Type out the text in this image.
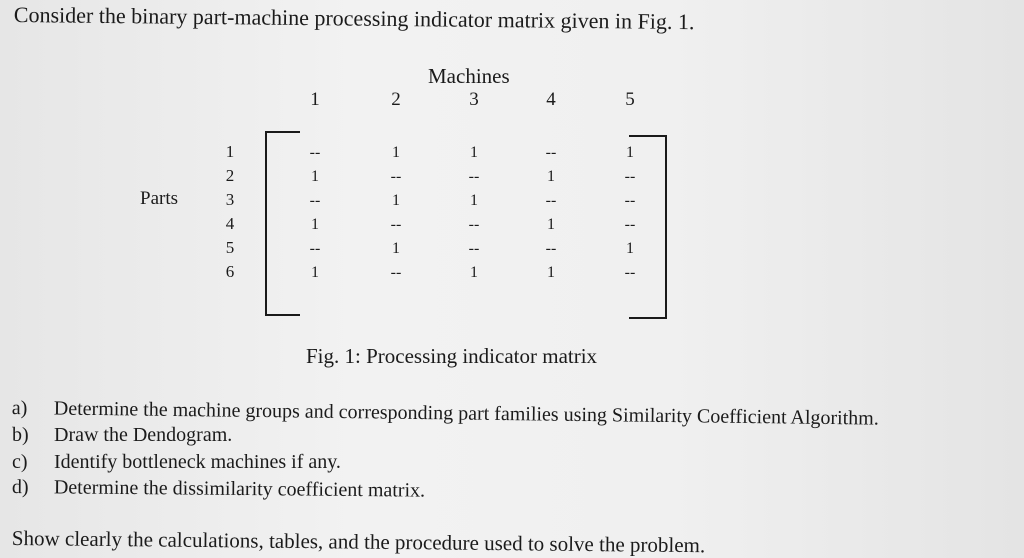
Consider the binary part-machine processing indicator matrix given in Fig. 1.
Machines
1	2	3	4	5
Parts
1
2
3
4
5
6
--	1	1	--	1
1	--	--	1	--
--	1	1	--	--
1	--	--	1	--
--	1	--	--	1
1	--	1	1	--
Fig. 1: Processing indicator matrix
a) Determine the machine groups and corresponding part families using Similarity Coefficient Algorithm.
b) Draw the Dendogram.
c) Identify bottleneck machines if any.
d) Determine the dissimilarity coefficient matrix.
Show clearly the calculations, tables, and the procedure used to solve the problem.
